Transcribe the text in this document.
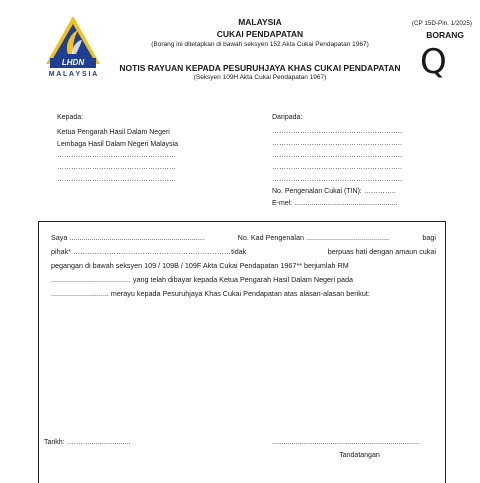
LHDN
M A L A Y S I A
MALAYSIA
CUKAI PENDAPATAN
(Borang ini ditetapkan di bawah seksyen 152 Akta Cukai Pendapatan 1967)
(CP 15D-Pin. 1/2025)
BORANG
Q
NOTIS RAYUAN KEPADA PESURUHJAYA KHAS CUKAI PENDAPATAN
(Seksyen 109H Akta Cukai Pendapatan 1967)
Kepada:
Ketua Pengarah Hasil Dalam Negeri
Lembaga Hasil Dalam Negeri Malaysia
……………………………………………
……………………………………………
……………………………………………
Daripada:
………………………………………………..
………………………………………………..
………………………………………………..
………………………………………………..
………………………………………………..
No. Pengenalan Cukai (TIN): …………..
E-mel: .....................................................
Saya ....................................................................	No. Kad Pengenalan ..........................................	bagi
pihak* …………………………………………………………tidak	berpuas hati dengan amaun cukai
pegangan di bawah seksyen 109 / 109B / 109F Akta Cukai Pendapatan 1967** berjumlah RM
........................................ yang telah dibayar kepada Ketua Pengarah Hasil Dalam Negeri pada
............................. merayu kepada Pesuruhjaya Khas Cukai Pendapatan atas alasan-alasan berikut:
Tarikh: ………......................	............................................................................
Tandatangan
